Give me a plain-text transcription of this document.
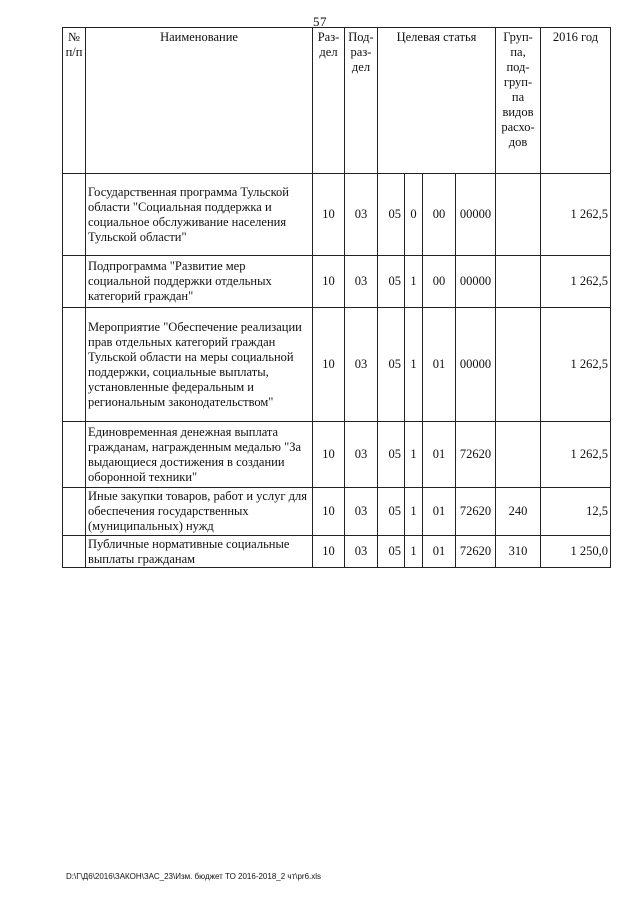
57
№ п/п	Наименование	Раз- дел	Под- раз- дел	Целевая статья				Груп- па, под- груп- па видов расхо- дов	2016 год
	Государственная программа Тульской области "Социальная поддержка и социальное обслуживание населения Тульской области"	10	03	05	0	00	00000		1 262,5
	Подпрограмма "Развитие мер социальной поддержки отдельных категорий граждан"	10	03	05	1	00	00000		1 262,5
	Мероприятие "Обеспечение реализации прав отдельных категорий граждан Тульской области на меры социальной поддержки, социальные выплаты, установленные федеральным и региональным законодательством"	10	03	05	1	01	00000		1 262,5
	Единовременная денежная выплата гражданам, награжденным медалью "За выдающиеся достижения в создании оборонной техники"	10	03	05	1	01	72620		1 262,5
	Иные закупки товаров, работ и услуг для обеспечения государственных (муниципальных) нужд	10	03	05	1	01	72620	240	12,5
	Публичные нормативные социальные выплаты гражданам	10	03	05	1	01	72620	310	1 250,0
D:\Г\Д6\2016\ЗАКОН\ЗАС_23\Изм. бюджет ТО 2016-2018_2 чт\pr6.xls
